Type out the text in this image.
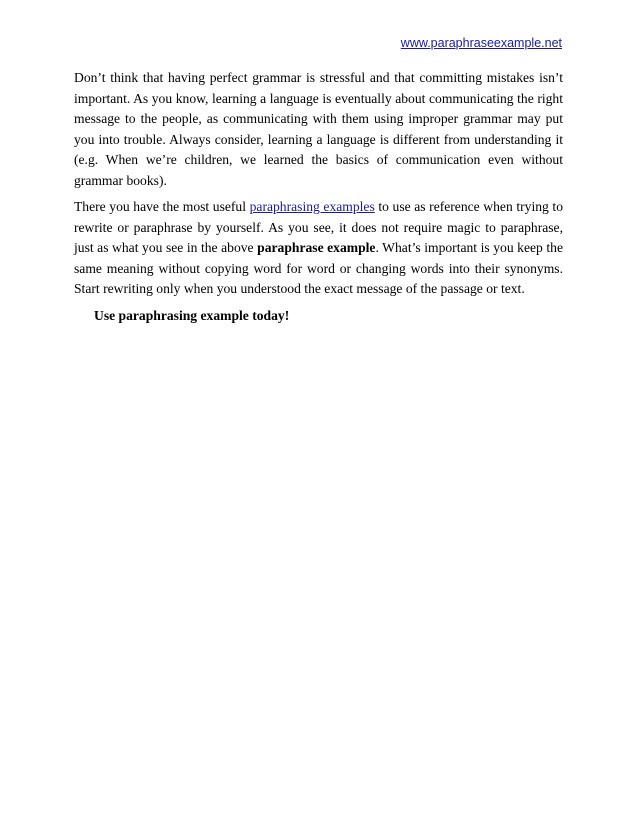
www.paraphraseexample.net

Don’t think that having perfect grammar is stressful and that committing mistakes isn’t important. As you know, learning a language is eventually about communicating the right message to the people, as communicating with them using improper grammar may put you into trouble. Always consider, learning a language is different from understanding it (e.g. When we’re children, we learned the basics of communication even without grammar books).

There you have the most useful paraphrasing examples to use as reference when trying to rewrite or paraphrase by yourself. As you see, it does not require magic to paraphrase, just as what you see in the above paraphrase example. What’s important is you keep the same meaning without copying word for word or changing words into their synonyms. Start rewriting only when you understood the exact message of the passage or text.

Use paraphrasing example today!
